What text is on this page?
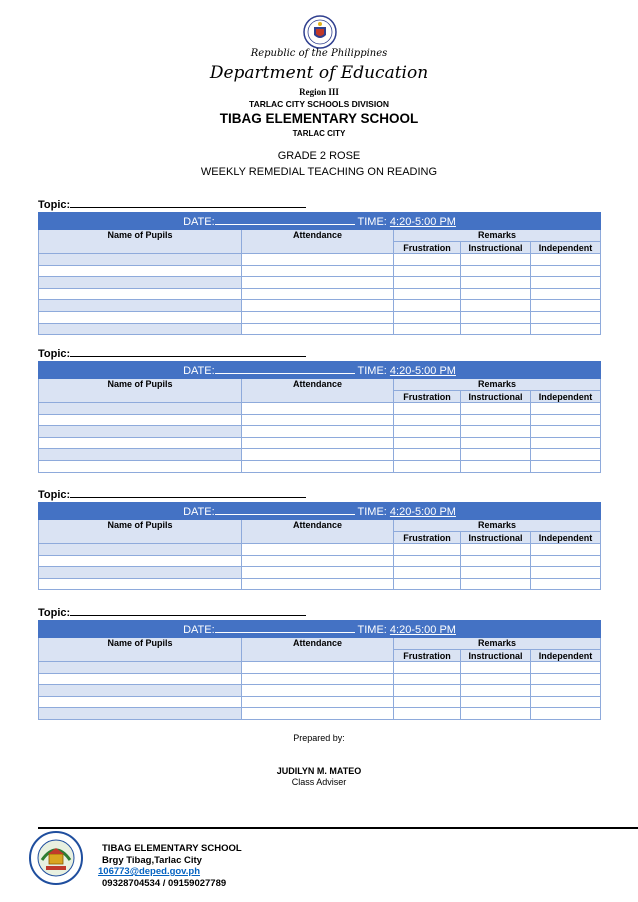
Republic of the Philippines
Department of Education
Region III
TARLAC CITY SCHOOLS DIVISION
TIBAG ELEMENTARY SCHOOL
TARLAC CITY
GRADE 2 ROSE
WEEKLY REMEDIAL TEACHING ON READING
Topic:
DATE: TIME: 4:20-5:00 PM				
Name of Pupils	Attendance	Remarks		
		Frustration	Instructional	Independent

Topic:
DATE: TIME: 4:20-5:00 PM				
Name of Pupils	Attendance	Remarks		
		Frustration	Instructional	Independent

Topic:
DATE: TIME: 4:20-5:00 PM				
Name of Pupils	Attendance	Remarks		
		Frustration	Instructional	Independent

Topic:
DATE: TIME: 4:20-5:00 PM				
Name of Pupils	Attendance	Remarks		
		Frustration	Instructional	Independent

Prepared by:
JUDILYN M. MATEO
Class Adviser
TIBAG ELEMENTARY SCHOOL
Brgy Tibag,Tarlac City
106773@deped.gov.ph
09328704534 / 09159027789
